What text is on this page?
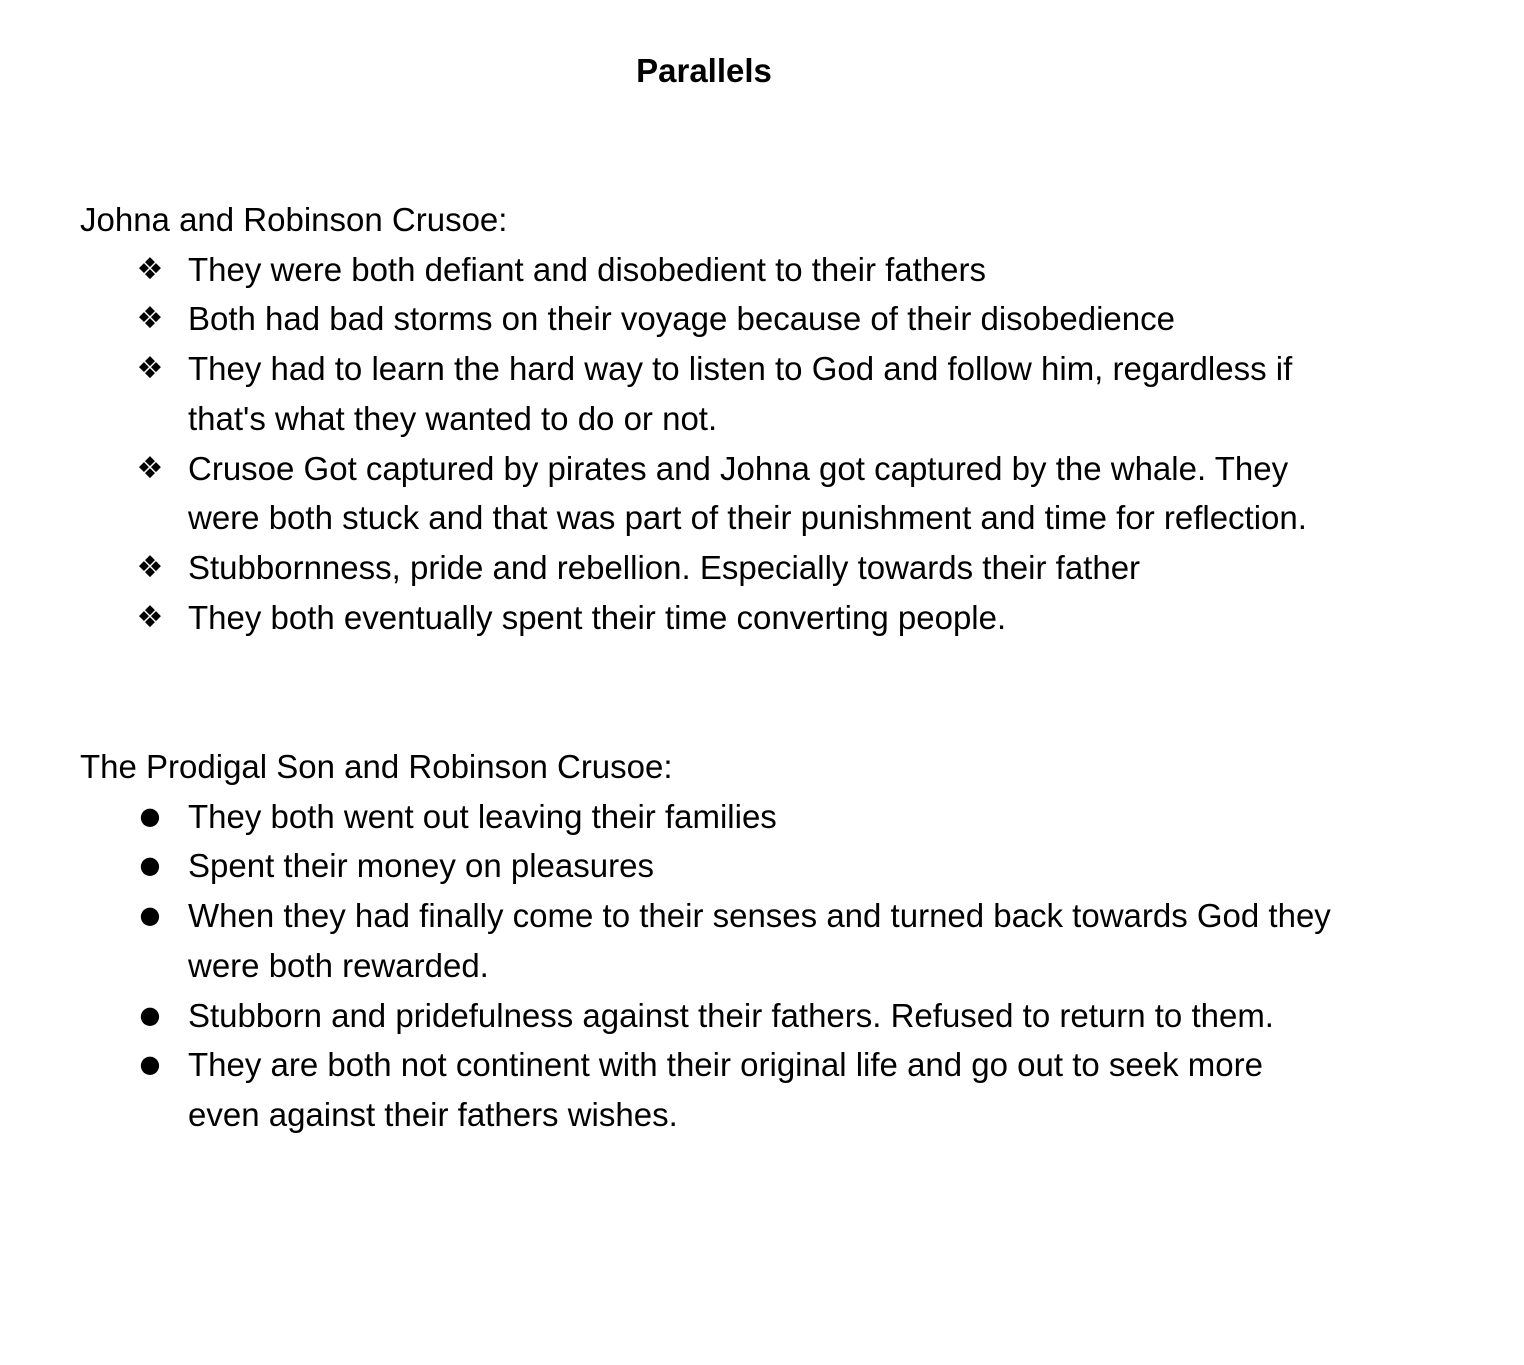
Parallels

Johna and Robinson Crusoe:

❖ They were both defiant and disobedient to their fathers
❖ Both had bad storms on their voyage because of their disobedience
❖ They had to learn the hard way to listen to God and follow him, regardless if that's what they wanted to do or not.
❖ Crusoe Got captured by pirates and Johna got captured by the whale. They were both stuck and that was part of their punishment and time for reflection.
❖ Stubbornness, pride and rebellion. Especially towards their father
❖ They both eventually spent their time converting people.

The Prodigal Son and Robinson Crusoe:

● They both went out leaving their families
● Spent their money on pleasures
● When they had finally come to their senses and turned back towards God they were both rewarded.
● Stubborn and pridefulness against their fathers. Refused to return to them.
● They are both not continent with their original life and go out to seek more even against their fathers wishes.
